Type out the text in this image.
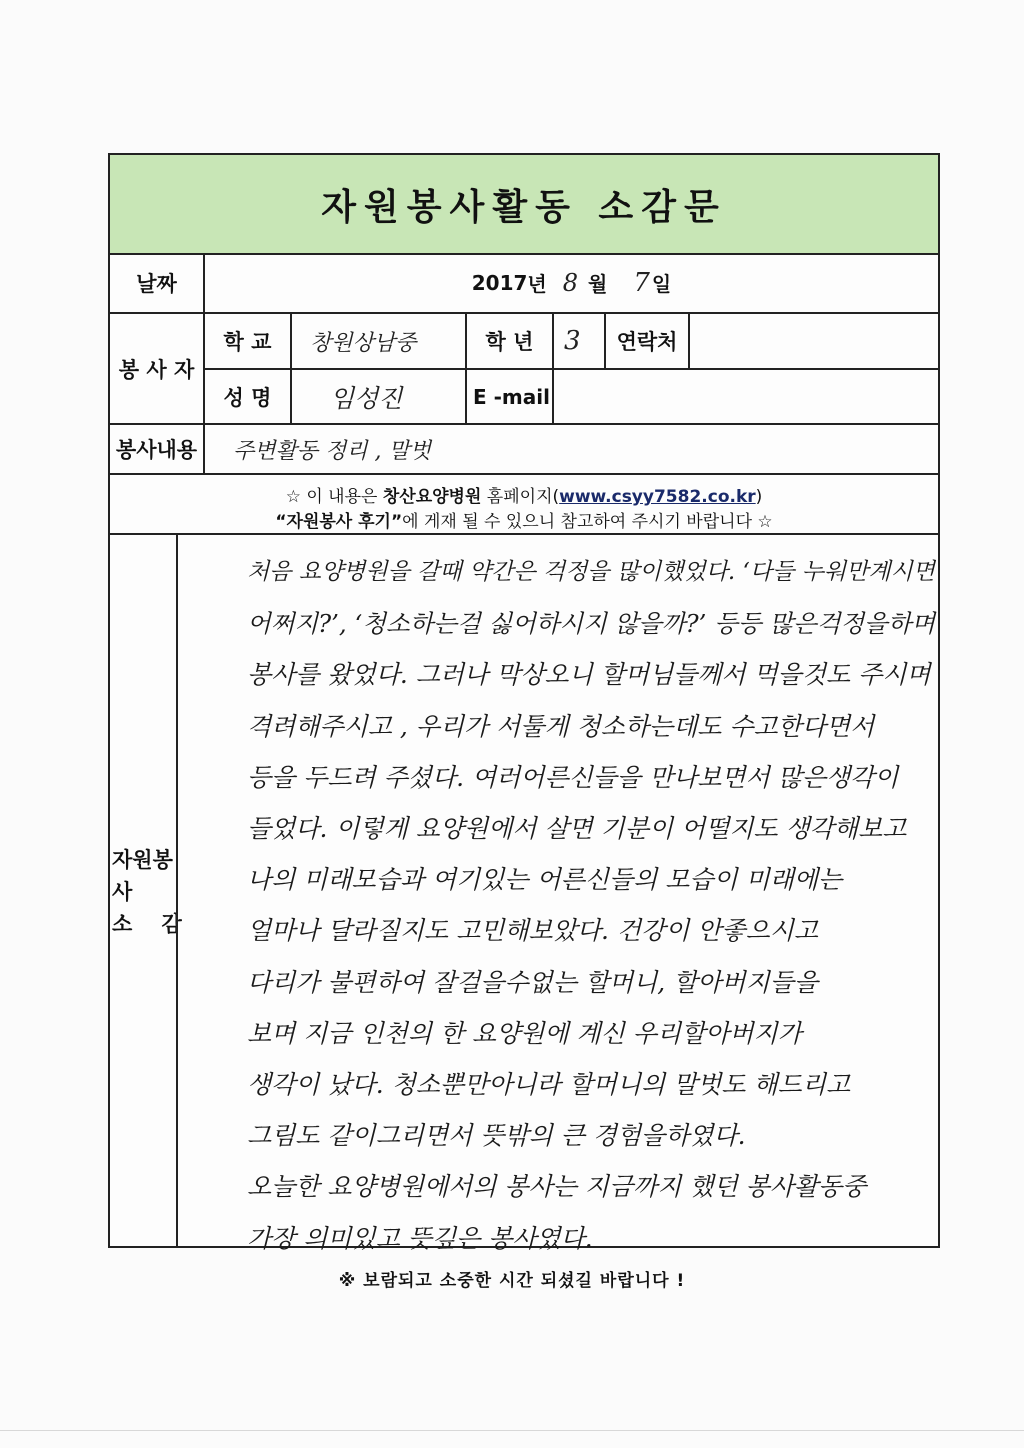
자원봉사활동 소감문
날짜	2017 년 8 월 7 일
봉 사 자
학 교	창원상남중	학 년	3	연락처
성 명	임성진	E -mail
봉사내용	주변활동 정리 , 말벗
☆ 이 내용은 창산요양병원 홈페이지(www.csyy7582.co.kr)
“자원봉사 후기”에 게재 될 수 있으니 참고하여 주시기 바랍니다 ☆
자원봉사
소    감

처음 요양병원을 갈때 약간은 걱정을 많이했었다. ‘다들 누워만계시면

어쩌지?’, ‘청소하는걸 싫어하시지 않을까?’ 등등 많은걱정을하며

봉사를 왔었다. 그러나 막상오니 할머님들께서 먹을것도 주시며

격려해주시고 , 우리가 서툴게 청소하는데도 수고한다면서

등을 두드려 주셨다. 여러어른신들을 만나보면서 많은생각이

들었다. 이렇게 요양원에서 살면 기분이 어떨지도 생각해보고

나의 미래모습과 여기있는 어른신들의 모습이 미래에는

얼마나 달라질지도 고민해보았다. 건강이 안좋으시고

다리가 불편하여 잘걸을수없는 할머니, 할아버지들을

보며 지금 인천의 한 요양원에 계신 우리할아버지가

생각이 났다. 청소뿐만아니라 할머니의 말벗도 해드리고

그림도 같이그리면서 뜻밖의 큰 경험을하였다.

오늘한 요양병원에서의 봉사는 지금까지 했던 봉사활동중

가장 의미있고 뜻깊은 봉사였다.

※ 보람되고 소중한 시간 되셨길 바랍니다 !
